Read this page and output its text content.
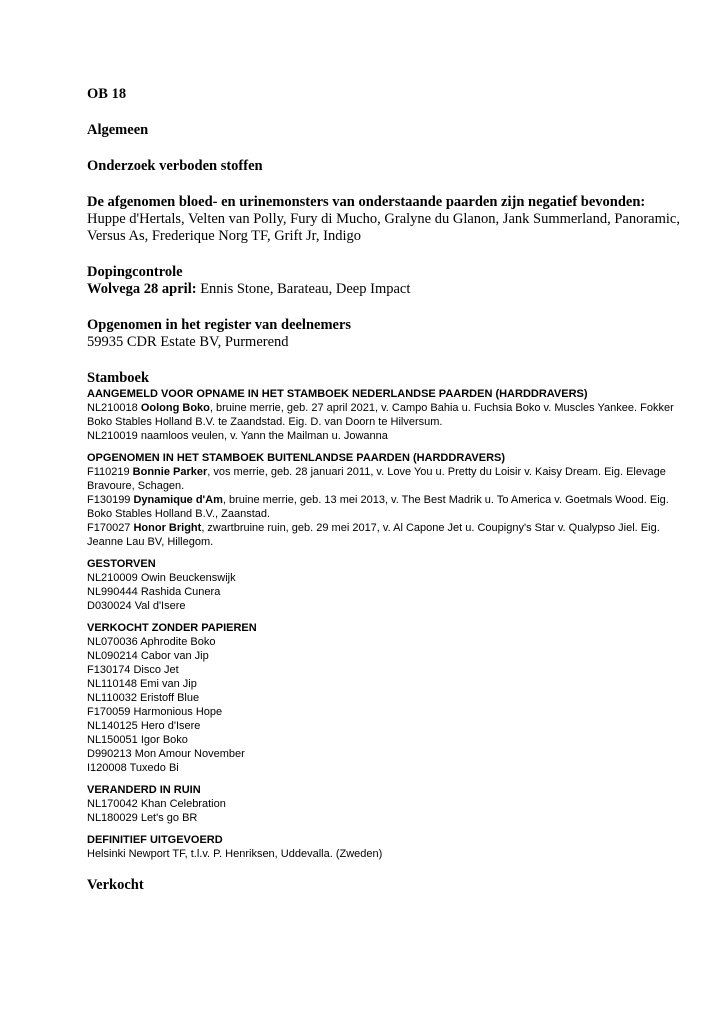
OB 18

Algemeen

Onderzoek verboden stoffen

De afgenomen bloed- en urinemonsters van onderstaande paarden zijn negatief bevonden:

Huppe d'Hertals, Velten van Polly, Fury di Mucho, Gralyne du Glanon, Jank Summerland, Panoramic, Versus As, Frederique Norg TF, Grift Jr, Indigo

Dopingcontrole

Wolvega 28 april: Ennis Stone, Barateau, Deep Impact

Opgenomen in het register van deelnemers

59935 CDR Estate BV, Purmerend

Stamboek

AANGEMELD VOOR OPNAME IN HET STAMBOEK NEDERLANDSE PAARDEN (HARDDRAVERS)

NL210018 Oolong Boko, bruine merrie, geb. 27 april 2021, v. Campo Bahia u. Fuchsia Boko v. Muscles Yankee. Fokker Boko Stables Holland B.V. te Zaandstad. Eig. D. van Doorn te Hilversum.

NL210019 naamloos veulen, v. Yann the Mailman u. Jowanna

OPGENOMEN IN HET STAMBOEK BUITENLANDSE PAARDEN (HARDDRAVERS)

F110219 Bonnie Parker, vos merrie, geb. 28 januari 2011, v. Love You u. Pretty du Loisir v. Kaisy Dream. Eig. Elevage Bravoure, Schagen.

F130199 Dynamique d'Am, bruine merrie, geb. 13 mei 2013, v. The Best Madrik u. To America v. Goetmals Wood. Eig. Boko Stables Holland B.V., Zaanstad.

F170027 Honor Bright, zwartbruine ruin, geb. 29 mei 2017, v. Al Capone Jet u. Coupigny's Star v. Qualypso Jiel. Eig. Jeanne Lau BV, Hillegom.

GESTORVEN

NL210009 Owin Beuckenswijk

NL990444 Rashida Cunera

D030024 Val d'Isere

VERKOCHT ZONDER PAPIEREN

NL070036 Aphrodite Boko

NL090214 Cabor van Jip

F130174 Disco Jet

NL110148 Emi van Jip

NL110032 Eristoff Blue

F170059 Harmonious Hope

NL140125 Hero d'Isere

NL150051 Igor Boko

D990213 Mon Amour November

I120008 Tuxedo Bi

VERANDERD IN RUIN

NL170042 Khan Celebration

NL180029 Let's go BR

DEFINITIEF UITGEVOERD

Helsinki Newport TF, t.l.v. P. Henriksen, Uddevalla. (Zweden)

Verkocht
